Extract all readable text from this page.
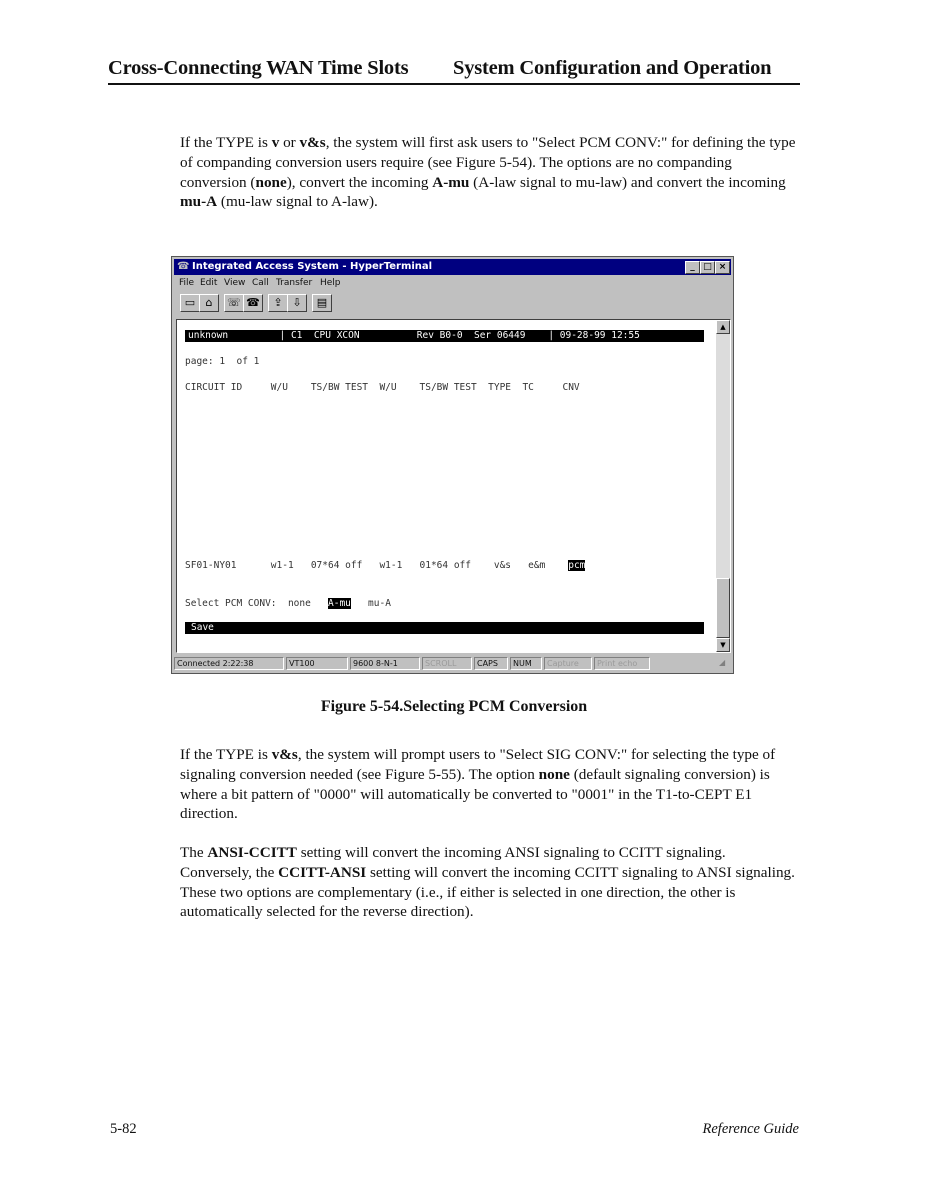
Cross-Connecting WAN Time Slots System Configuration and Operation

If the TYPE is v or v&s, the system will first ask users to "Select PCM CONV:" for defining the type of companding conversion users require (see Figure 5-54). The options are no companding conversion (none), convert the incoming A-mu (A-law signal to mu-law) and convert the incoming mu-A (mu-law signal to A-law).

☎ Integrated Access System - HyperTerminal	_ □ ×
File Edit View Call Transfer Help
▭ ⌂	☏ ☎	⇪ ⇩	▤
unknown         | C1  CPU XCON          Rev B0-0  Ser 06449    | 09-28-99 12:55
page: 1  of 1
CIRCUIT ID     W/U    TS/BW TEST  W/U    TS/BW TEST  TYPE  TC     CNV
SF01-NY01      w1-1   07*64 off   w1-1   01*64 off    v&s   e&m    pcm
Select PCM CONV:  none   A-mu   mu-A
Save
▲
▼
Connected 2:22:38	VT100	9600 8-N-1	SCROLL	CAPS	NUM	Capture	Print echo	◢
Figure 5-54.Selecting PCM Conversion

If the TYPE is v&s, the system will prompt users to "Select SIG CONV:" for selecting the type of signaling conversion needed (see Figure 5-55). The option none (default signaling conversion) is where a bit pattern of "0000" will automatically be converted to "0001" in the T1-to-CEPT E1 direction.

The ANSI-CCITT setting will convert the incoming ANSI signaling to CCITT signaling. Conversely, the CCITT-ANSI setting will convert the incoming CCITT signaling to ANSI signaling. These two options are complementary (i.e., if either is selected in one direction, the other is automatically selected for the reverse direction).

5-82	Reference Guide
